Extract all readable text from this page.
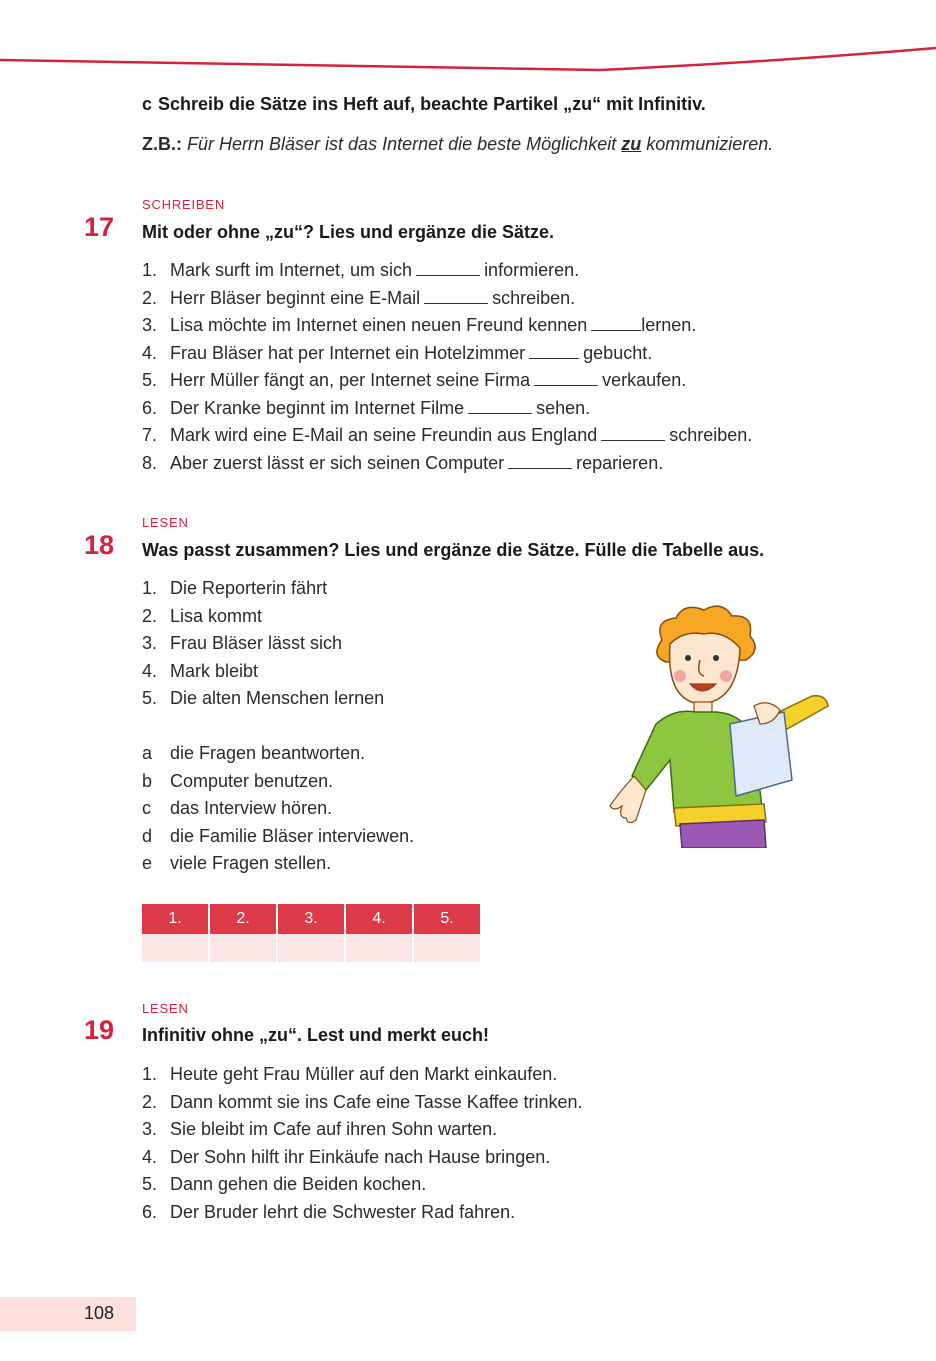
c Schreib die Sätze ins Heft auf, beachte Partikel „zu“ mit Infinitiv.
Z.B.: Für Herrn Bläser ist das Internet die beste Möglichkeit zu kommunizieren.
SCHREIBEN
17 Mit oder ohne „zu“? Lies und ergänze die Sätze.
1. Mark surft im Internet, um sich	informieren.
2. Herr Bläser beginnt eine E-Mail	schreiben.
3. Lisa möchte im Internet einen neuen Freund kennen	lernen.
4. Frau Bläser hat per Internet ein Hotelzimmer	gebucht.
5. Herr Müller fängt an, per Internet seine Firma	verkaufen.
6. Der Kranke beginnt im Internet Filme	sehen.
7. Mark wird eine E-Mail an seine Freundin aus England	schreiben.
8. Aber zuerst lässt er sich seinen Computer	reparieren.
LESEN
18 Was passt zusammen? Lies und ergänze die Sätze. Fülle die Tabelle aus.
1. Die Reporterin fährt
2. Lisa kommt
3. Frau Bläser lässt sich
4. Mark bleibt
5. Die alten Menschen lernen
a die Fragen beantworten.
b Computer benutzen.
c das Interview hören.
d die Familie Bläser interviewen.
e viele Fragen stellen.
1.	2.	3.	4.	5.

LESEN
19 Infinitiv ohne „zu“. Lest und merkt euch!
1. Heute geht Frau Müller auf den Markt einkaufen.
2. Dann kommt sie ins Cafe eine Tasse Kaffee trinken.
3. Sie bleibt im Cafe auf ihren Sohn warten.
4. Der Sohn hilft ihr Einkäufe nach Hause bringen.
5. Dann gehen die Beiden kochen.
6. Der Bruder lehrt die Schwester Rad fahren.
108
